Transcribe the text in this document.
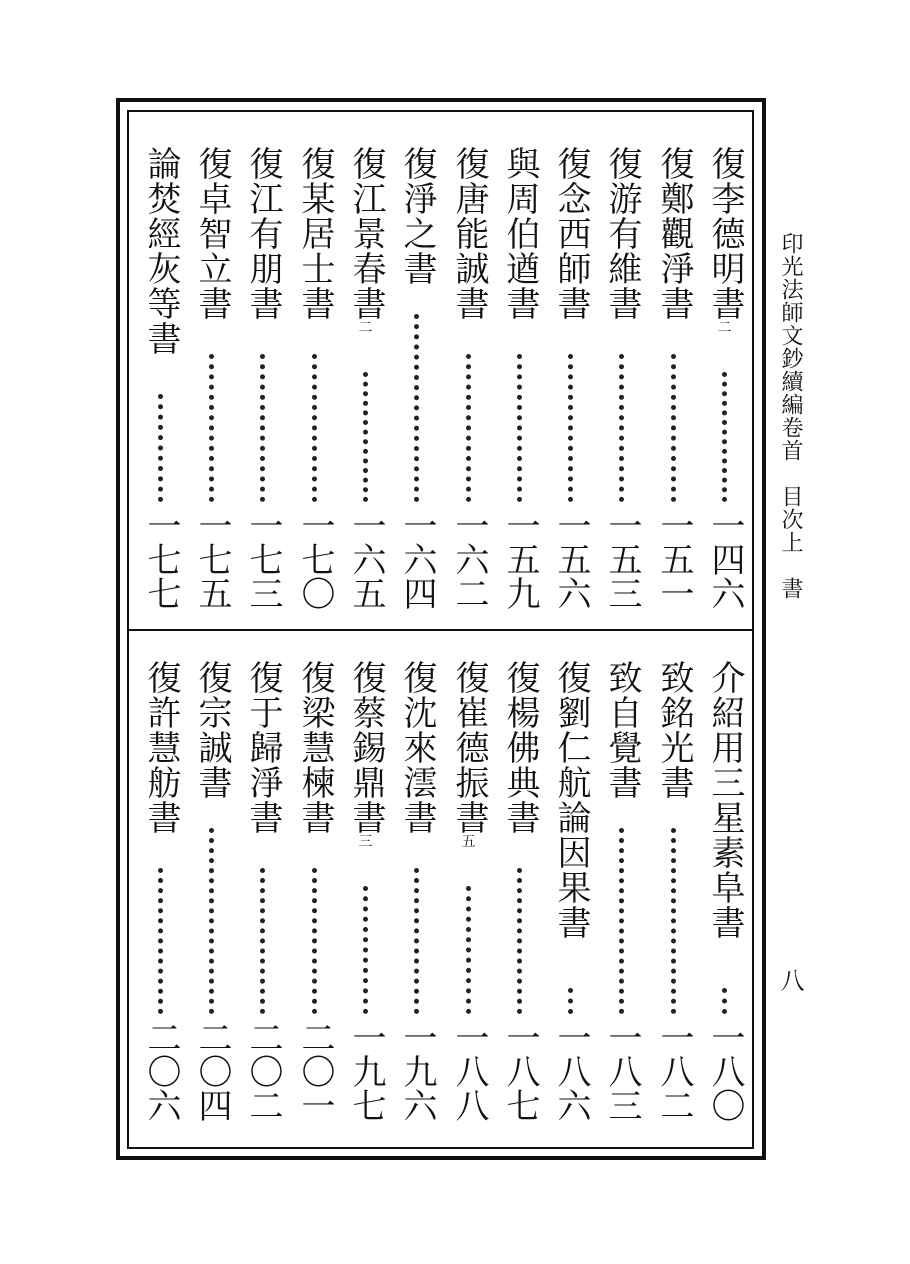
復李德明書二
一四六
復鄭觀淨書
一五一
復游有維書
一五三
復念西師書
一五六
與周伯遒書
一五九
復唐能誠書
一六二
復淨之書
一六四
復江景春書二
一六五
復某居士書
一七〇
復江有朋書
一七三
復卓智立書
一七五
論焚經灰等書
一七七
介紹用三星素阜書
一八〇
致銘光書
一八二
致自覺書
一八三
復劉仁航論因果書
一八六
復楊佛典書
一八七
復崔德振書五
一八八
復沈來澐書
一九六
復蔡錫鼎書三
一九七
復梁慧楝書
二〇一
復于歸淨書
二〇二
復宗誠書
二〇四
復許慧舫書
二〇六
印光法師文鈔續編卷首　目次上　書
八
